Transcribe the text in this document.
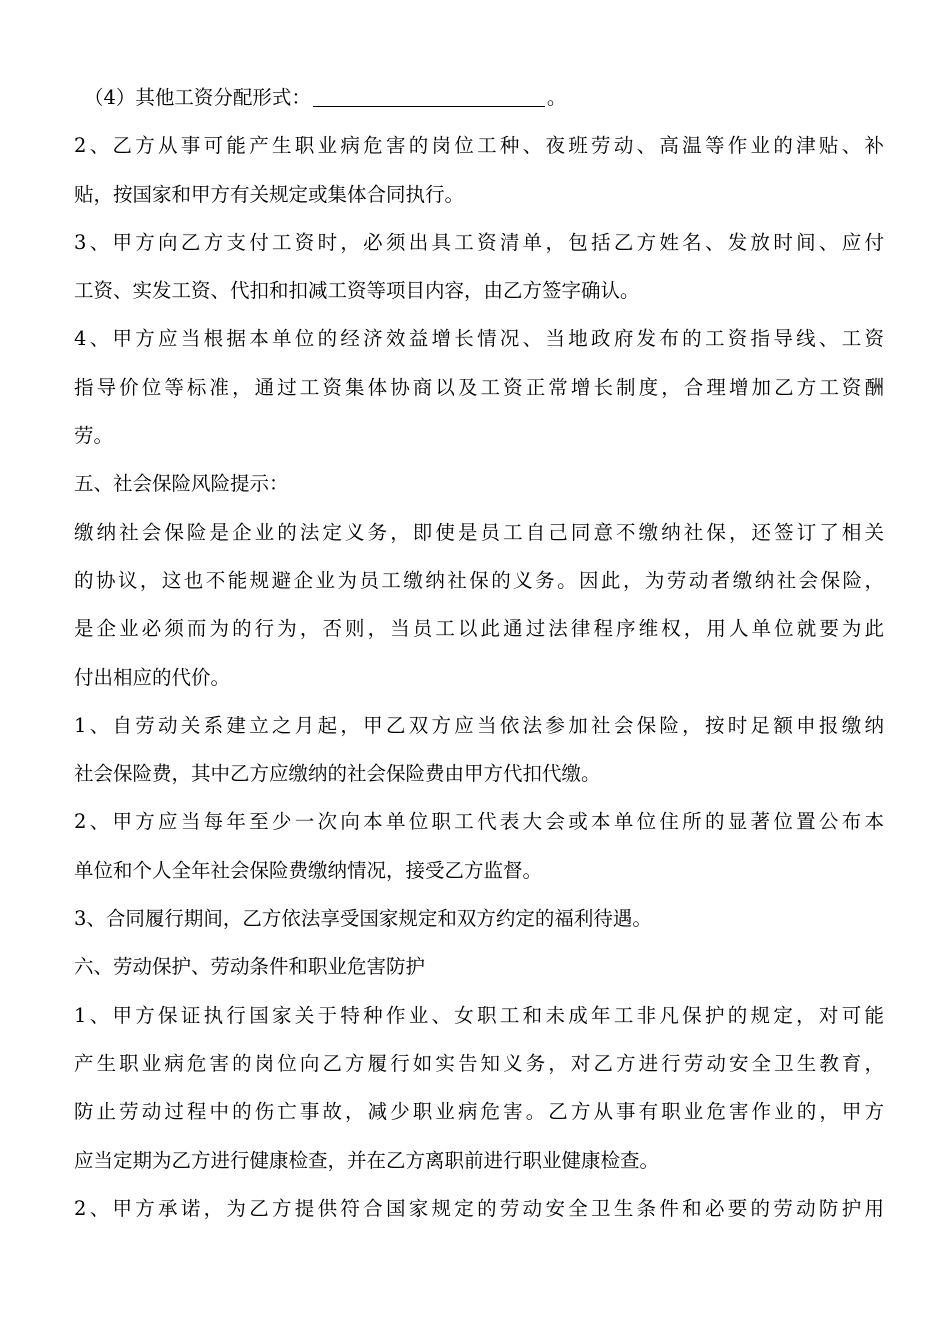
（4）其他工资分配形式：	。
2、乙方从事可能产生职业病危害的岗位工种、夜班劳动、高温等作业的津贴、补
贴，按国家和甲方有关规定或集体合同执行。
3、甲方向乙方支付工资时，必须出具工资清单，包括乙方姓名、发放时间、应付
工资、实发工资、代扣和扣减工资等项目内容，由乙方签字确认。
4、甲方应当根据本单位的经济效益增长情况、当地政府发布的工资指导线、工资
指导价位等标准，通过工资集体协商以及工资正常增长制度，合理增加乙方工资酬
劳。
五、社会保险风险提示：
缴纳社会保险是企业的法定义务，即使是员工自己同意不缴纳社保，还签订了相关
的协议，这也不能规避企业为员工缴纳社保的义务。因此，为劳动者缴纳社会保险，
是企业必须而为的行为，否则，当员工以此通过法律程序维权，用人单位就要为此
付出相应的代价。
1、自劳动关系建立之月起，甲乙双方应当依法参加社会保险，按时足额申报缴纳
社会保险费，其中乙方应缴纳的社会保险费由甲方代扣代缴。
2、甲方应当每年至少一次向本单位职工代表大会或本单位住所的显著位置公布本
单位和个人全年社会保险费缴纳情况，接受乙方监督。
3、合同履行期间，乙方依法享受国家规定和双方约定的福利待遇。
六、劳动保护、劳动条件和职业危害防护
1、甲方保证执行国家关于特种作业、女职工和未成年工非凡保护的规定，对可能
产生职业病危害的岗位向乙方履行如实告知义务，对乙方进行劳动安全卫生教育，
防止劳动过程中的伤亡事故，减少职业病危害。乙方从事有职业危害作业的，甲方
应当定期为乙方进行健康检查，并在乙方离职前进行职业健康检查。
2、甲方承诺，为乙方提供符合国家规定的劳动安全卫生条件和必要的劳动防护用
